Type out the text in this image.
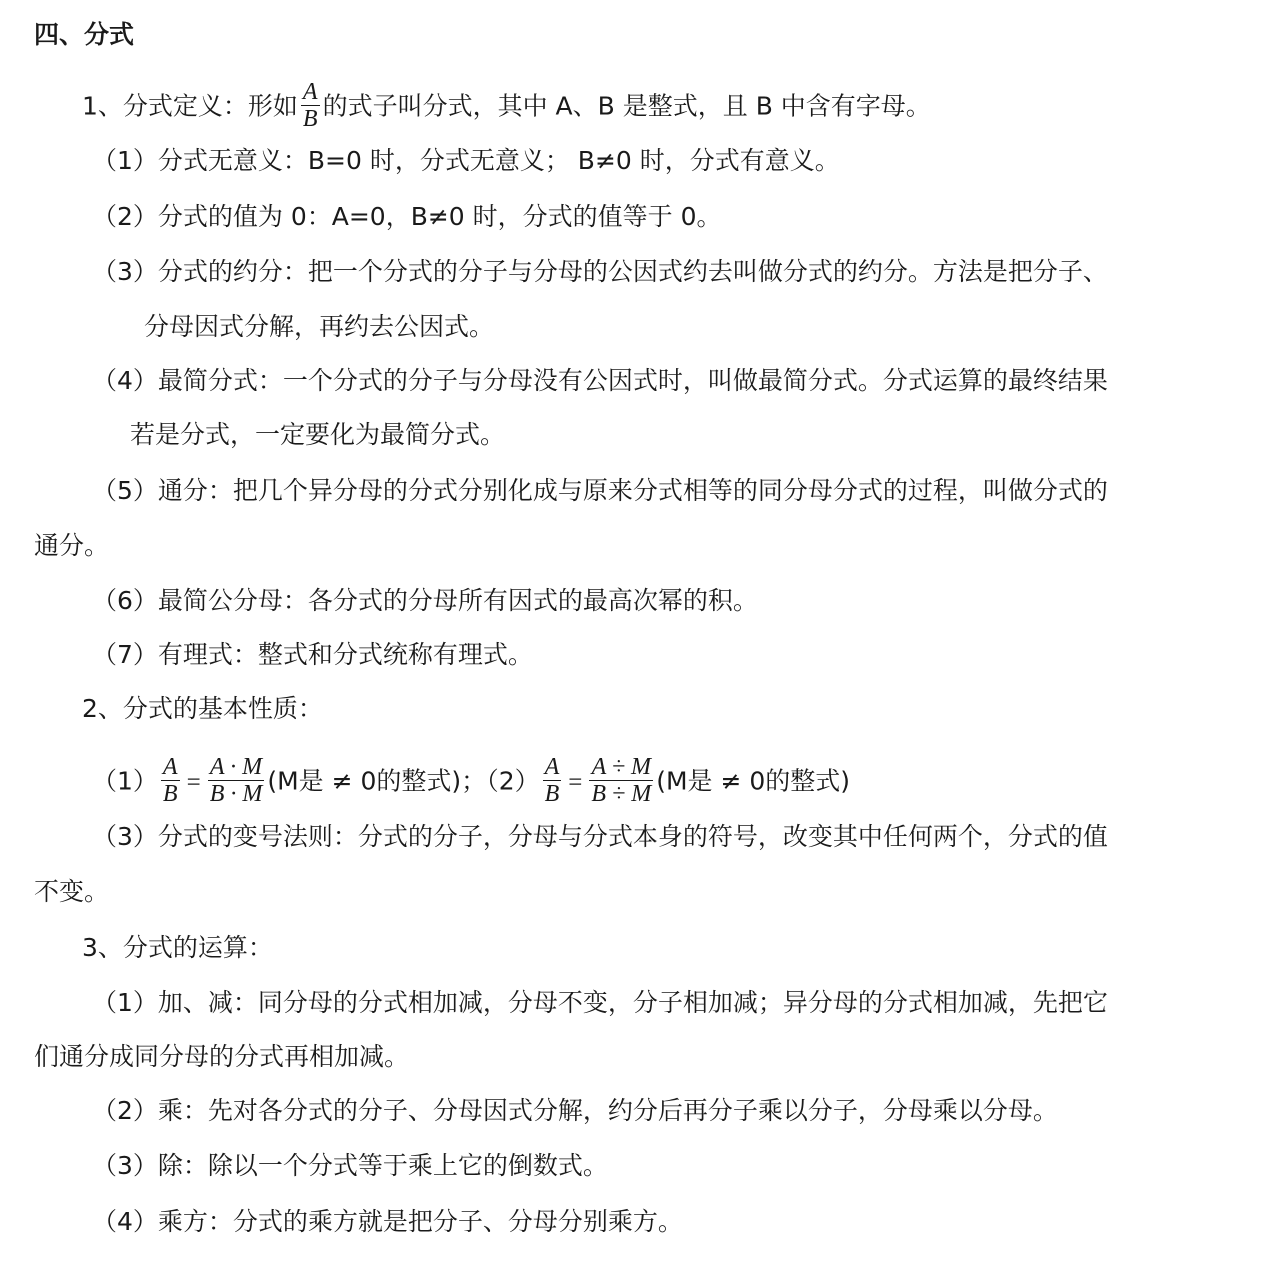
四、分式
1、分式定义：形如 $\frac{A}{B}$ 的式子叫分式，其中 A、B 是整式，且 B 中含有字母。
（1）分式无意义：B=0 时，分式无意义； B≠0 时，分式有意义。
（2）分式的值为 0：A=0，B≠0 时，分式的值等于 0。
（3）分式的约分：把一个分式的分子与分母的公因式约去叫做分式的约分。方法是把分子、
分母因式分解，再约去公因式。
（4）最简分式：一个分式的分子与分母没有公因式时，叫做最简分式。分式运算的最终结果
若是分式，一定要化为最简分式。
（5）通分：把几个异分母的分式分别化成与原来分式相等的同分母分式的过程，叫做分式的
通分。
（6）最简公分母：各分式的分母所有因式的最高次幂的积。
（7）有理式：整式和分式统称有理式。
2、分式的基本性质：
$(1) \frac{A}{B} = \frac{A \cdot M}{B \cdot M} (M$是 ≠ 0的整式)；$(2) \frac{A}{B} = \frac{A \div M}{B \div M} (M$是 ≠ 0的整式)
（3）分式的变号法则：分式的分子，分母与分式本身的符号，改变其中任何两个，分式的值
不变。
3、分式的运算：
（1）加、减：同分母的分式相加减，分母不变，分子相加减；异分母的分式相加减，先把它
们通分成同分母的分式再相加减。
（2）乘：先对各分式的分子、分母因式分解，约分后再分子乘以分子，分母乘以分母。
（3）除：除以一个分式等于乘上它的倒数式。
（4）乘方：分式的乘方就是把分子、分母分别乘方。
